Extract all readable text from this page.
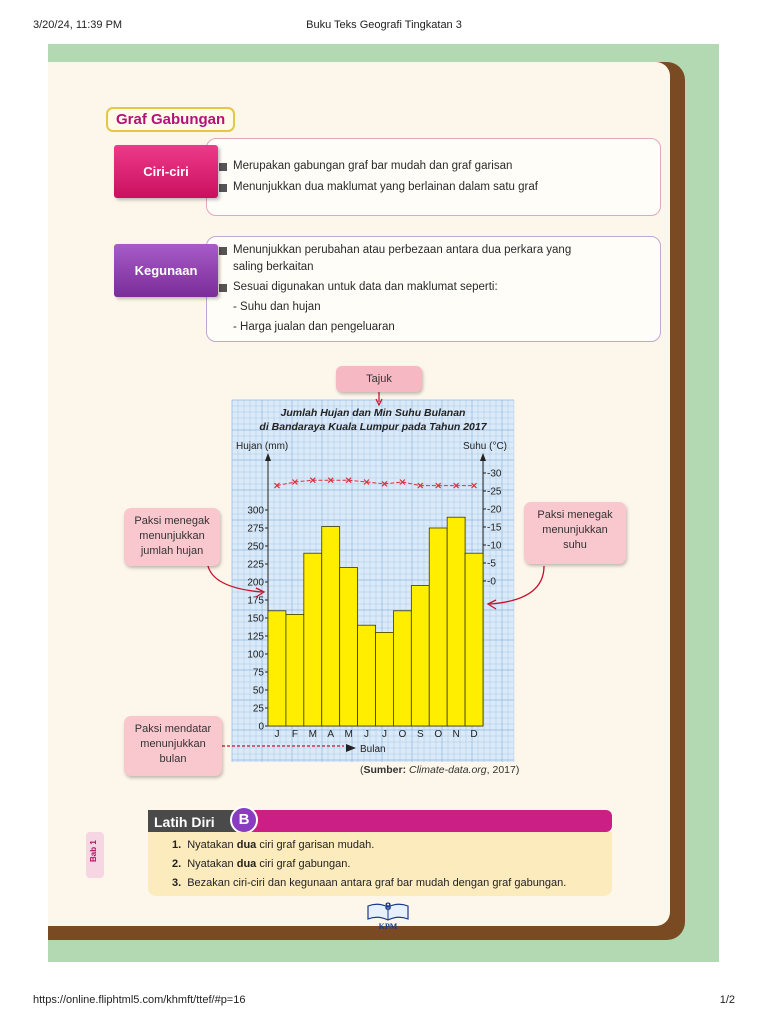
3/20/24, 11:39 PM	Buku Teks Geografi Tingkatan 3
Graf Gabungan
Merupakan gabungan graf bar mudah dan graf garisan
Menunjukkan dua maklumat yang berlainan dalam satu graf
Ciri-ciri
Menunjukkan perubahan atau perbezaan antara dua perkara yang
saling berkaitan
Sesuai digunakan untuk data dan maklumat seperti:
- Suhu dan hujan
- Harga jualan dan pengeluaran
Kegunaan
Jumlah Hujan dan Min Suhu Bulanan
di Bandaraya Kuala Lumpur pada Tahun 2017
Hujan (mm)	Suhu (°C)
0
25
50
75
100
125
150
175
200
225
250
275
300
-0
-5
-10
-15
-20
-25
-30
J F M A M J J O S O N D
Bulan
Tajuk
Paksi menegak
menunjukkan
jumlah hujan
Paksi menegak
menunjukkan
suhu
Paksi mendatar
menunjukkan
bulan
(Sumber: Climate-data.org, 2017)
Bab 1
Latih Diri	B
1. Nyatakan dua ciri graf garisan mudah.
2. Nyatakan dua ciri graf gabungan.
3. Bezakan ciri-ciri dan kegunaan antara graf bar mudah dengan graf gabungan.
8
KPM
https://online.fliphtml5.com/khmft/ttef/#p=16	1/2
